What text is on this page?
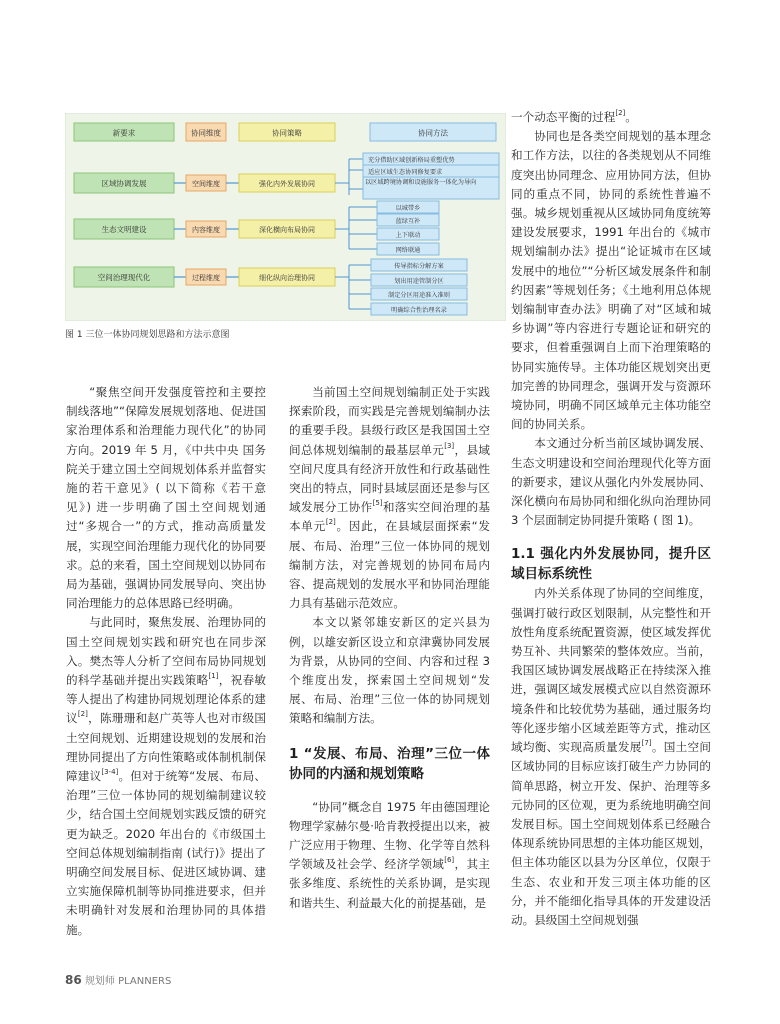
新要求	协同维度	协同策略	协同方法
区域协调发展	空间维度	强化内外发展协同
充分借助区域创新格局重塑优势
适应区域生态协同修复要求
以区域跨境协调和设施服务一体化为导向
生态文明建设	内容维度	深化横向布局协同
以城带乡
蓝绿互补
上下联动
网络联通
空间治理现代化	过程维度	细化纵向治理协同
传导指标分解方案
划出用途管制分区
制定分区用途准入准则
明确综合性治理名录
图 1 三位一体协同规划思路和方法示意图

“聚焦空间开发强度管控和主要控制线落地”“保障发展规划落地、促进国家治理体系和治理能力现代化”的协同方向。2019 年 5 月，《中共中央 国务院关于建立国土空间规划体系并监督实施的若干意见》( 以下简称《若干意见》) 进一步明确了国土空间规划通过“多规合一”的方式，推动高质量发展，实现空间治理能力现代化的协同要求。总的来看，国土空间规划以协同布局为基础，强调协同发展导向、突出协同治理能力的总体思路已经明确。

与此同时，聚焦发展、治理协同的国土空间规划实践和研究也在同步深入。樊杰等人分析了空间布局协同规划的科学基础并提出实践策略[1]，祝春敏等人提出了构建协同规划理论体系的建议[2]，陈珊珊和赵广英等人也对市级国土空间规划、近期建设规划的发展和治理协同提出了方向性策略或体制机制保障建议[3-4]。但对于统筹“发展、布局、治理”三位一体协同的规划编制建议较少，结合国土空间规划实践反馈的研究更为缺乏。2020 年出台的《市级国土空间总体规划编制指南 (试行)》提出了明确空间发展目标、促进区域协调、建立实施保障机制等协同推进要求，但并未明确针对发展和治理协同的具体措施。

当前国土空间规划编制正处于实践探索阶段，而实践是完善规划编制办法的重要手段。县级行政区是我国国土空间总体规划编制的最基层单元[3]，县域空间尺度具有经济开放性和行政基础性突出的特点，同时县域层面还是参与区域发展分工协作[5]和落实空间治理的基本单元[2]。因此，在县域层面探索“发展、布局、治理”三位一体协同的规划编制方法，对完善规划的协同布局内容、提高规划的发展水平和协同治理能力具有基础示范效应。

本文以紧邻雄安新区的定兴县为例，以雄安新区设立和京津冀协同发展为背景，从协同的空间、内容和过程 3 个维度出发，探索国土空间规划“发展、布局、治理”三位一体的协同规划策略和编制方法。

1 “发展、布局、治理”三位一体协同的内涵和规划策略

“协同”概念自 1975 年由德国理论物理学家赫尔曼·哈肯教授提出以来，被广泛应用于物理、生物、化学等自然科学领域及社会学、经济学领域[6]，其主张多维度、系统性的关系协调，是实现和谐共生、利益最大化的前提基础，是

一个动态平衡的过程[2]。

协同也是各类空间规划的基本理念和工作方法，以往的各类规划从不同维度突出协同理念、应用协同方法，但协同的重点不同，协同的系统性普遍不强。城乡规划重视从区域协同角度统筹建设发展要求，1991 年出台的《城市规划编制办法》提出“论证城市在区域发展中的地位”“分析区域发展条件和制约因素”等规划任务；《土地利用总体规划编制审查办法》明确了对“区域和城乡协调”等内容进行专题论证和研究的要求，但着重强调自上而下治理策略的协同实施传导。主体功能区规划突出更加完善的协同理念，强调开发与资源环境协同，明确不同区域单元主体功能空间的协同关系。

本文通过分析当前区域协调发展、生态文明建设和空间治理现代化等方面的新要求，建议从强化内外发展协同、深化横向布局协同和细化纵向治理协同 3 个层面制定协同提升策略 ( 图 1)。

1.1 强化内外发展协同，提升区域目标系统性

内外关系体现了协同的空间维度，强调打破行政区划限制，从完整性和开放性角度系统配置资源，使区域发挥优势互补、共同繁荣的整体效应。当前，我国区域协调发展战略正在持续深入推进，强调区域发展模式应以自然资源环境条件和比较优势为基础，通过服务均等化逐步缩小区域差距等方式，推动区域均衡、实现高质量发展[7]。国土空间区域协同的目标应该打破生产力协同的简单思路，树立开发、保护、治理等多元协同的区位观，更为系统地明确空间发展目标。国土空间规划体系已经融合体现系统协同思想的主体功能区规划，但主体功能区以县为分区单位，仅限于生态、农业和开发三项主体功能的区分，并不能细化指导具体的开发建设活动。县级国土空间规划强

86 规划师 PLANNERS
